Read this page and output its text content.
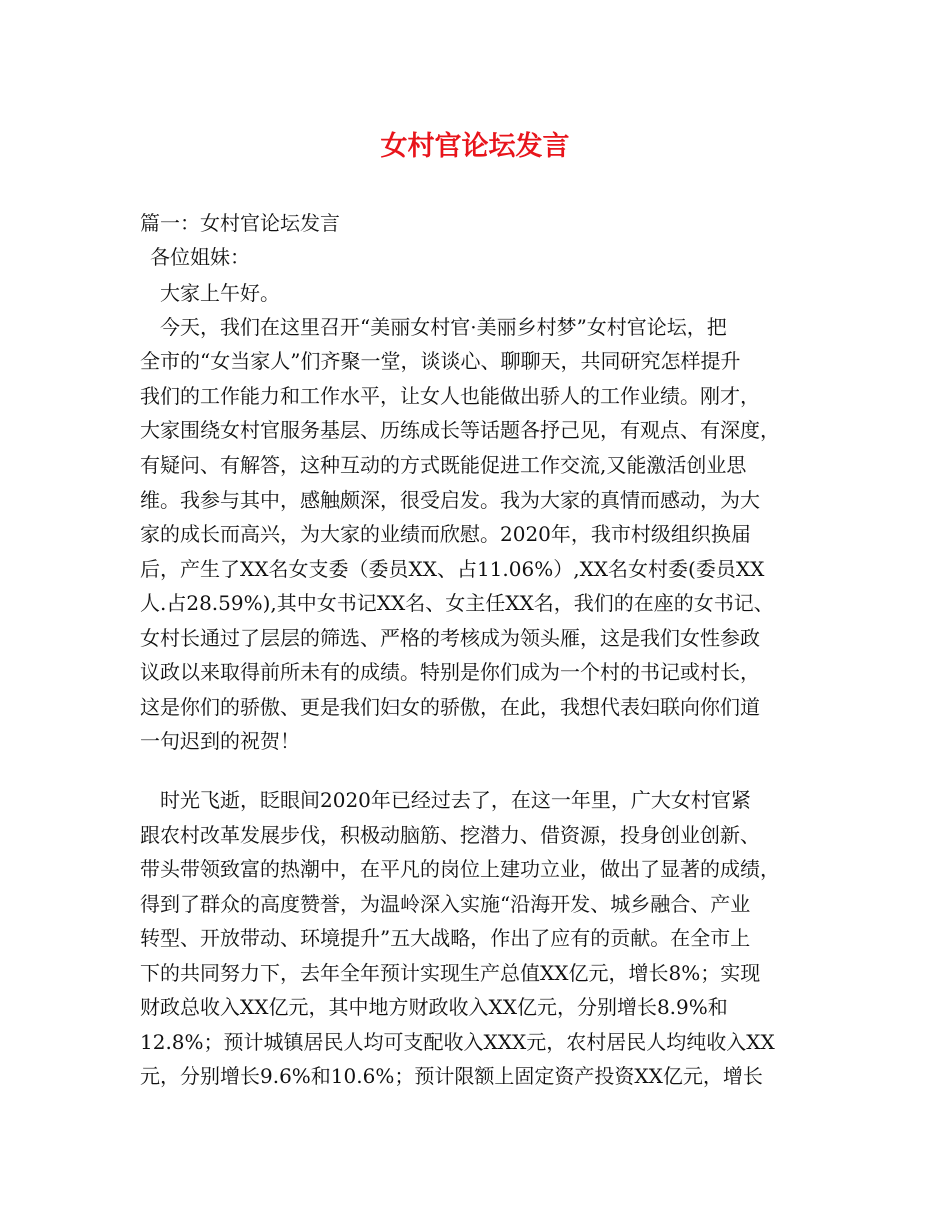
女村官论坛发言
篇一：女村官论坛发言
各位姐妹：
大家上午好。
今天，我们在这里召开“美丽女村官·美丽乡村梦”女村官论坛，把
全市的“女当家人”们齐聚一堂，谈谈心、聊聊天，共同研究怎样提升
我们的工作能力和工作水平，让女人也能做出骄人的工作业绩。刚才，
大家围绕女村官服务基层、历练成长等话题各抒己见，有观点、有深度，
有疑问、有解答，这种互动的方式既能促进工作交流,又能激活创业思
维。我参与其中，感触颇深，很受启发。我为大家的真情而感动，为大
家的成长而高兴，为大家的业绩而欣慰。2020年，我市村级组织换届
后，产生了XX名女支委（委员XX、占11.06%）,XX名女村委(委员XX
人.占28.59%),其中女书记XX名、女主任XX名，我们的在座的女书记、
女村长通过了层层的筛选、严格的考核成为领头雁，这是我们女性参政
议政以来取得前所未有的成绩。特别是你们成为一个村的书记或村长，
这是你们的骄傲、更是我们妇女的骄傲，在此，我想代表妇联向你们道
一句迟到的祝贺！
时光飞逝，眨眼间2020年已经过去了，在这一年里，广大女村官紧
跟农村改革发展步伐，积极动脑筋、挖潜力、借资源，投身创业创新、
带头带领致富的热潮中，在平凡的岗位上建功立业，做出了显著的成绩，
得到了群众的高度赞誉，为温岭深入实施“沿海开发、城乡融合、产业
转型、开放带动、环境提升”五大战略，作出了应有的贡献。在全市上
下的共同努力下，去年全年预计实现生产总值XX亿元，增长8%；实现
财政总收入XX亿元，其中地方财政收入XX亿元，分别增长8.9%和
12.8%；预计城镇居民人均可支配收入XXX元，农村居民人均纯收入XX
元，分别增长9.6%和10.6%；预计限额上固定资产投资XX亿元，增长
